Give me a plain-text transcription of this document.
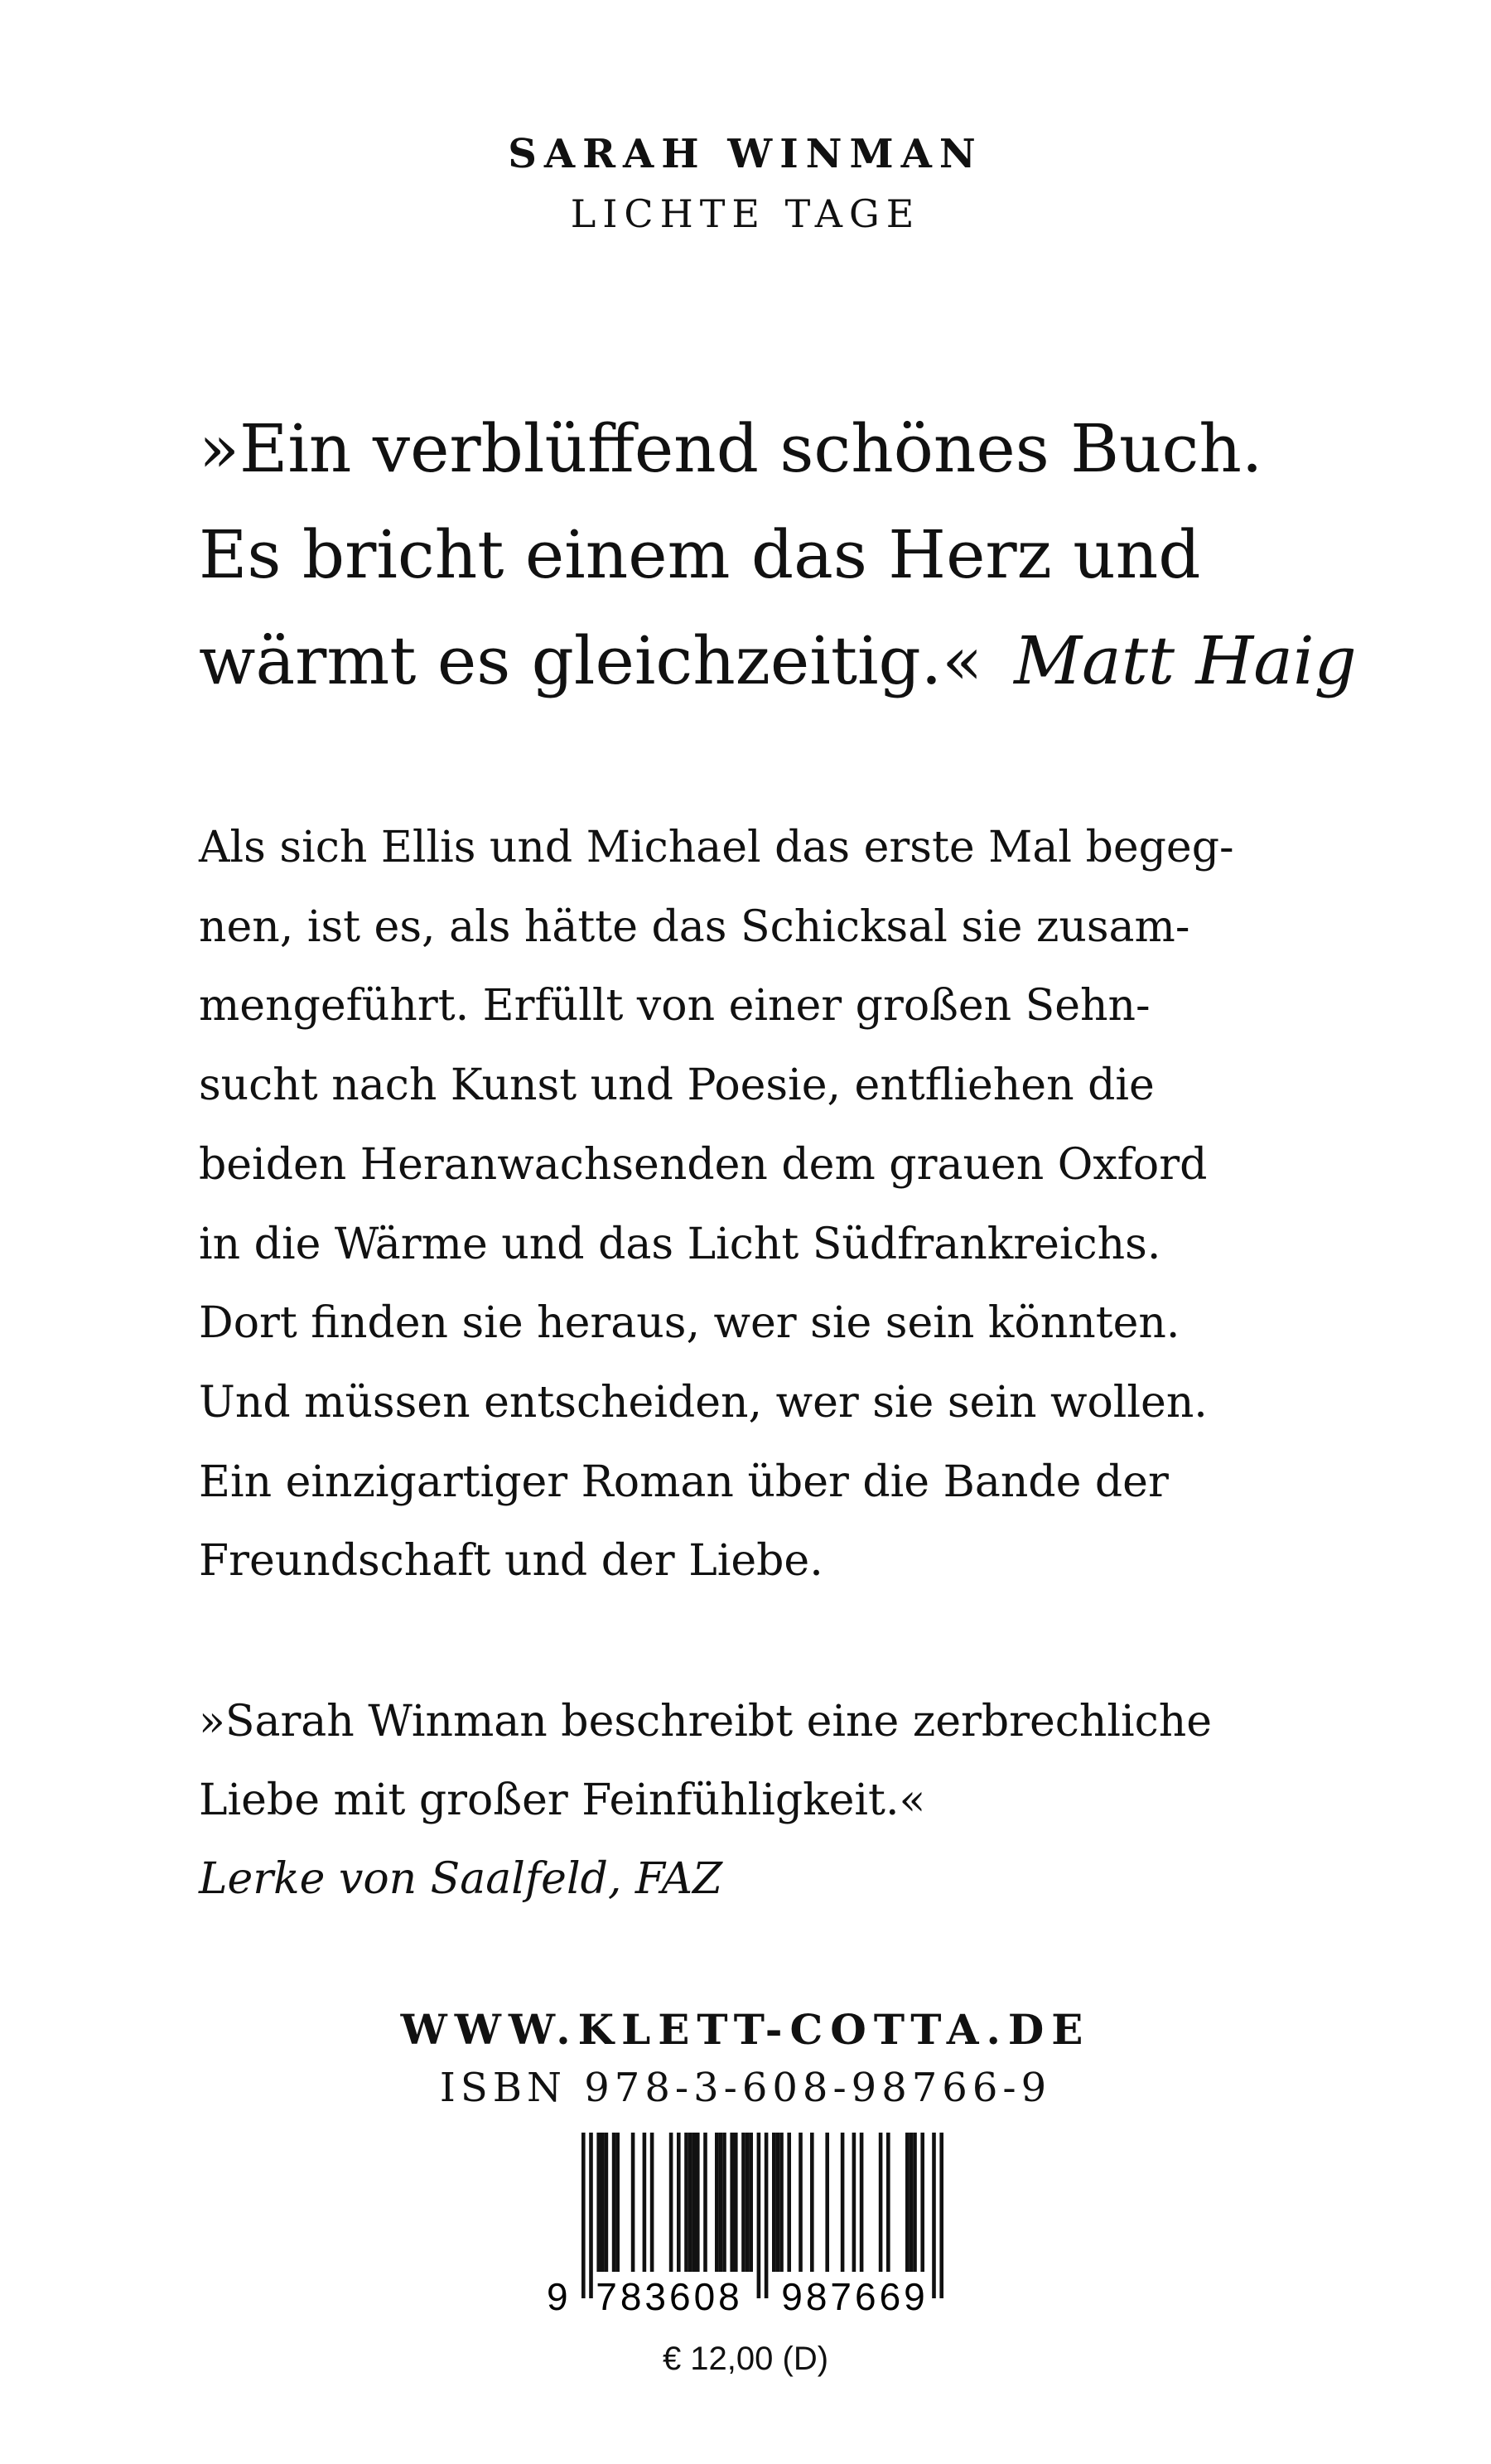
SARAH WINMAN
LICHTE TAGE
»Ein verblüffend schönes Buch.
Es bricht einem das Herz und
wärmt es gleichzeitig.« Matt Haig
Als sich Ellis und Michael das erste Mal begeg-
nen, ist es, als hätte das Schicksal sie zusam-
mengeführt. Erfüllt von einer großen Sehn-
sucht nach Kunst und Poesie, entfliehen die
beiden Heranwachsenden dem grauen Oxford
in die Wärme und das Licht Südfrankreichs.
Dort finden sie heraus, wer sie sein könnten.
Und müssen entscheiden, wer sie sein wollen.
Ein einzigartiger Roman über die Bande der
Freundschaft und der Liebe.
»Sarah Winman beschreibt eine zerbrechliche
Liebe mit großer Feinfühligkeit.«
Lerke von Saalfeld, FAZ
WWW.KLETT-COTTA.DE
ISBN 978-3-608-98766-9
9 783608 987669
€ 12,00 (D)
